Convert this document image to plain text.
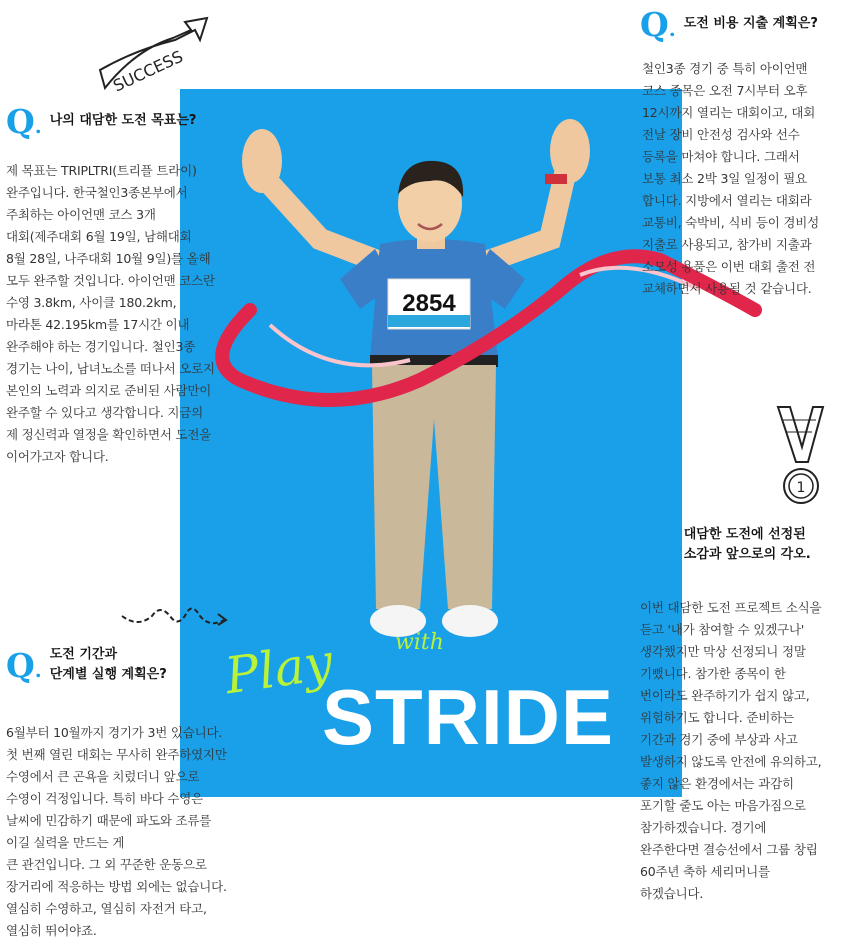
2854
SUCCESS
1
Q. 나의 대담한 도전 목표는?
제 목표는 TRIPLTRI(트리플 트라이)
완주입니다. 한국철인3종본부에서
주최하는 아이언맨 코스 3개
대회(제주대회 6월 19일, 남해대회
8월 28일, 나주대회 10월 9일)를 올해
모두 완주할 것입니다. 아이언맨 코스란
수영 3.8km, 사이클 180.2km,
마라톤 42.195km를 17시간 이내
완주해야 하는 경기입니다. 철인3종
경기는 나이, 남녀노소를 떠나서 오로지
본인의 노력과 의지로 준비된 사람만이
완주할 수 있다고 생각합니다. 지금의
제 정신력과 열정을 확인하면서 도전을
이어가고자 합니다.
Q. 도전 비용 지출 계획은?
철인3종 경기 중 특히 아이언맨
코스 종목은 오전 7시부터 오후
12시까지 열리는 대회이고, 대회
전날 장비 안전성 검사와 선수
등록을 마쳐야 합니다. 그래서
보통 최소 2박 3일 일정이 필요
합니다. 지방에서 열리는 대회라
교통비, 숙박비, 식비 등이 경비성
지출로 사용되고, 참가비 지출과
소모성 용품은 이번 대회 출전 전
교체하면서 사용될 것 같습니다.
Q.
도전 기간과
단계별 실행 계획은?
6월부터 10월까지 경기가 3번 있습니다.
첫 번째 열린 대회는 무사히 완주하였지만
수영에서 큰 곤욕을 치렀더니 앞으로
수영이 걱정입니다. 특히 바다 수영은
날씨에 민감하기 때문에 파도와 조류를
이길 실력을 만드는 게
큰 관건입니다. 그 외 꾸준한 운동으로
장거리에 적응하는 방법 외에는 없습니다.
열심히 수영하고, 열심히 자전거 타고,
열심히 뛰어야죠.
Q.
대담한 도전에 선정된
소감과 앞으로의 각오.
이번 대담한 도전 프로젝트 소식을
듣고 '내가 참여할 수 있겠구나'
생각했지만 막상 선정되니 정말
기뻤니다. 참가한 종목이 한
번이라도 완주하기가 쉽지 않고,
위험하기도 합니다. 준비하는
기간과 경기 중에 부상과 사고
발생하지 않도록 안전에 유의하고,
좋지 않은 환경에서는 과감히
포기할 줄도 아는 마음가짐으로
참가하겠습니다. 경기에
완주한다면 결승선에서 그룹 창립
60주년 축하 세리머니를
하겠습니다.
Play	with
STRIDE
